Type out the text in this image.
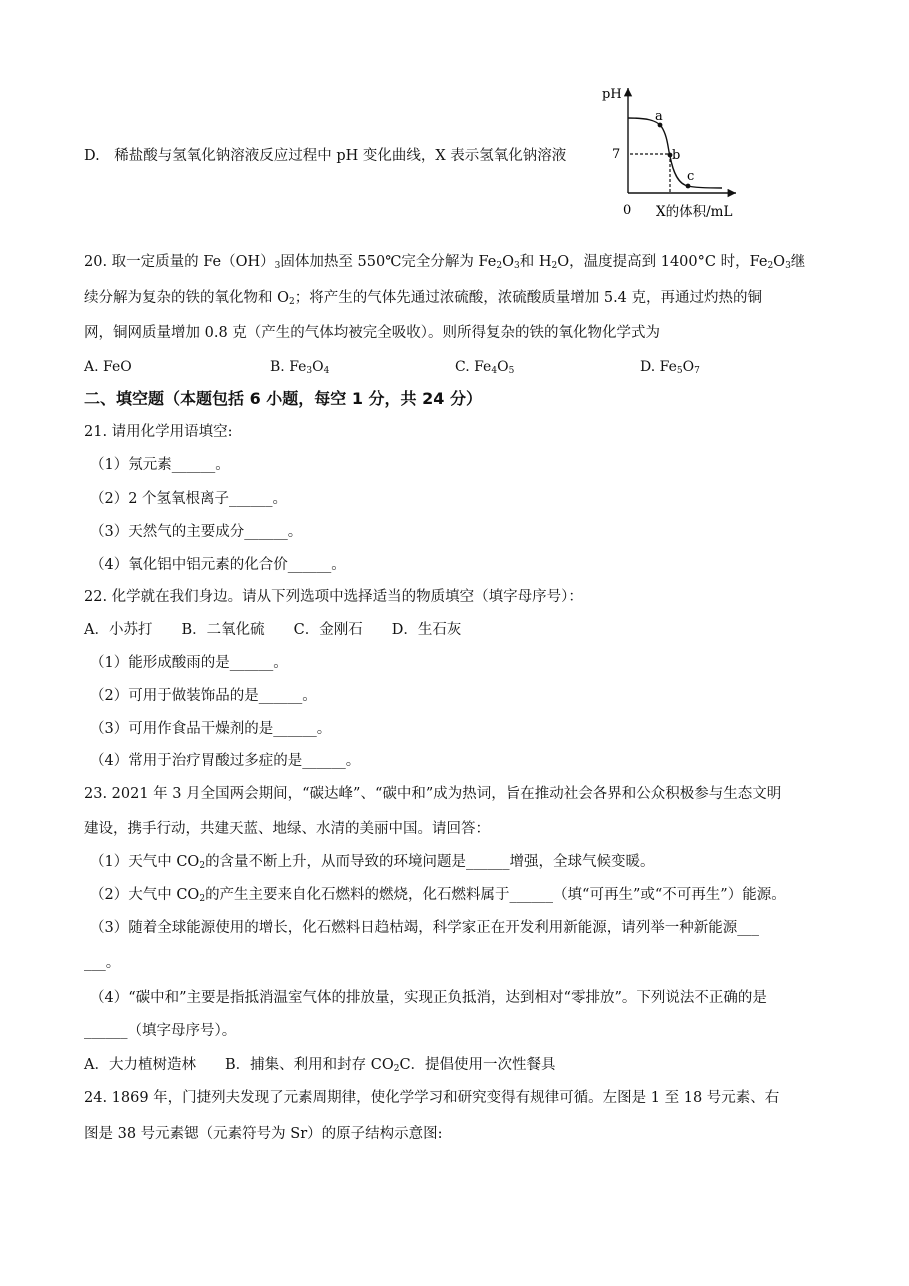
D.　稀盐酸与氢氧化钠溶液反应过程中 pH 变化曲线，X 表示氢氧化钠溶液
pH
7
0 X的体积/mL
a
b
c
20. 取一定质量的 $Fe(OH)_3$固体加热至 550℃完全分解为 $Fe_2O_3$和 $H_2O$，温度提高到 1400°C 时，$Fe_2O_3$继
续分解为复杂的铁的氧化物和 $O_2$；将产生的气体先通过浓硫酸，浓硫酸质量增加 5.4 克，再通过灼热的铜
网，铜网质量增加 0.8 克（产生的气体均被完全吸收）。则所得复杂的铁的氧化物化学式为
A. FeO	B. $Fe_3O_4$	C. $Fe_4O_5$	D. $Fe_5O_7$
二、填空题（本题包括 6 小题，每空 1 分，共 24 分）
21. 请用化学用语填空:
（1）氖元素______。
（2）2 个氢氧根离子______。
（3）天然气的主要成分______。
（4）氧化铝中铝元素的化合价______。
22. 化学就在我们身边。请从下列选项中选择适当的物质填空（填字母序号）：
A．小苏打　　B．二氧化硫　　C．金刚石　　D．生石灰
（1）能形成酸雨的是______。
（2）可用于做装饰品的是______。
（3）可用作食品干燥剂的是______。
（4）常用于治疗胃酸过多症的是______。
23. 2021 年 3 月全国两会期间，“碳达峰”、“碳中和”成为热词，旨在推动社会各界和公众积极参与生态文明
建设，携手行动，共建天蓝、地绿、水清的美丽中国。请回答：
（1）天气中 $CO_2$的含量不断上升，从而导致的环境问题是______增强，全球气候变暖。
（2）大气中 $CO_2$的产生主要来自化石燃料的燃烧，化石燃料属于______（填“可再生”或“不可再生”）能源。
（3）随着全球能源使用的增长，化石燃料日趋枯竭，科学家正在开发利用新能源，请列举一种新能源___
___。
（4）“碳中和”主要是指抵消温室气体的排放量，实现正负抵消，达到相对“零排放”。下列说法不正确的是
______（填字母序号）。
A．大力植树造林　　B．捕集、利用和封存 $CO_2C$．提倡使用一次性餐具
24. 1869 年，门捷列夫发现了元素周期律，使化学学习和研究变得有规律可循。左图是 1 至 18 号元素、右
图是 38 号元素锶（元素符号为 Sr）的原子结构示意图:
